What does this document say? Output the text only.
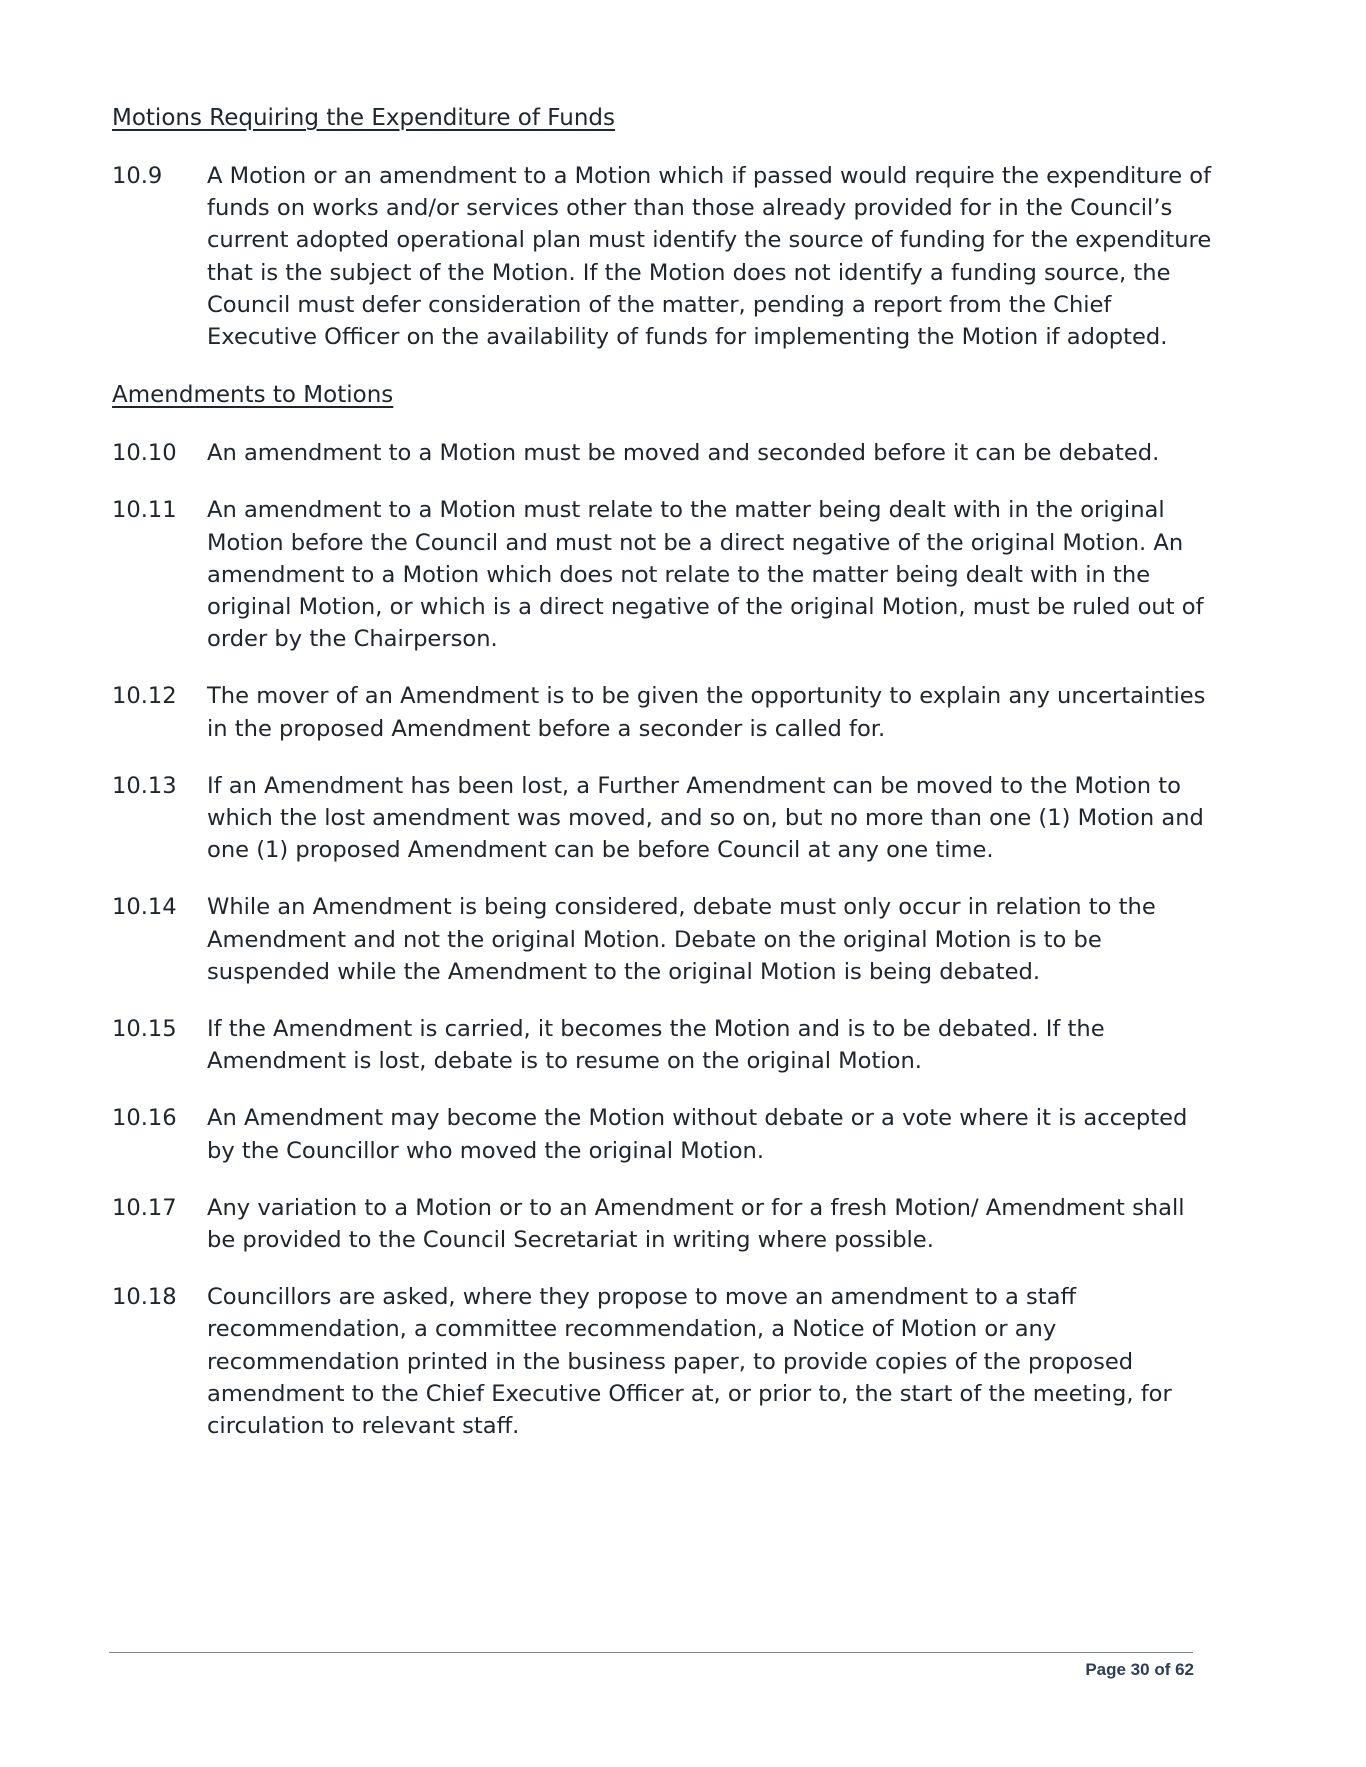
Motions Requiring the Expenditure of Funds

10.9	A Motion or an amendment to a Motion which if passed would require the expenditure of funds on works and/or services other than those already provided for in the Council’s current adopted operational plan must identify the source of funding for the expenditure that is the subject of the Motion. If the Motion does not identify a funding source, the Council must defer consideration of the matter, pending a report from the Chief Executive Officer on the availability of funds for implementing the Motion if adopted.

Amendments to Motions

10.10	An amendment to a Motion must be moved and seconded before it can be debated.
10.11	An amendment to a Motion must relate to the matter being dealt with in the original Motion before the Council and must not be a direct negative of the original Motion. An amendment to a Motion which does not relate to the matter being dealt with in the original Motion, or which is a direct negative of the original Motion, must be ruled out of order by the Chairperson.
10.12	The mover of an Amendment is to be given the opportunity to explain any uncertainties in the proposed Amendment before a seconder is called for.
10.13	If an Amendment has been lost, a Further Amendment can be moved to the Motion to which the lost amendment was moved, and so on, but no more than one (1) Motion and one (1) proposed Amendment can be before Council at any one time.
10.14	While an Amendment is being considered, debate must only occur in relation to the Amendment and not the original Motion. Debate on the original Motion is to be suspended while the Amendment to the original Motion is being debated.
10.15	If the Amendment is carried, it becomes the Motion and is to be debated. If the Amendment is lost, debate is to resume on the original Motion.
10.16	An Amendment may become the Motion without debate or a vote where it is accepted by the Councillor who moved the original Motion.
10.17	Any variation to a Motion or to an Amendment or for a fresh Motion/ Amendment shall be provided to the Council Secretariat in writing where possible.
10.18	Councillors are asked, where they propose to move an amendment to a staff recommendation, a committee recommendation, a Notice of Motion or any recommendation printed in the business paper, to provide copies of the proposed amendment to the Chief Executive Officer at, or prior to, the start of the meeting, for circulation to relevant staff.
Page 30 of 62
